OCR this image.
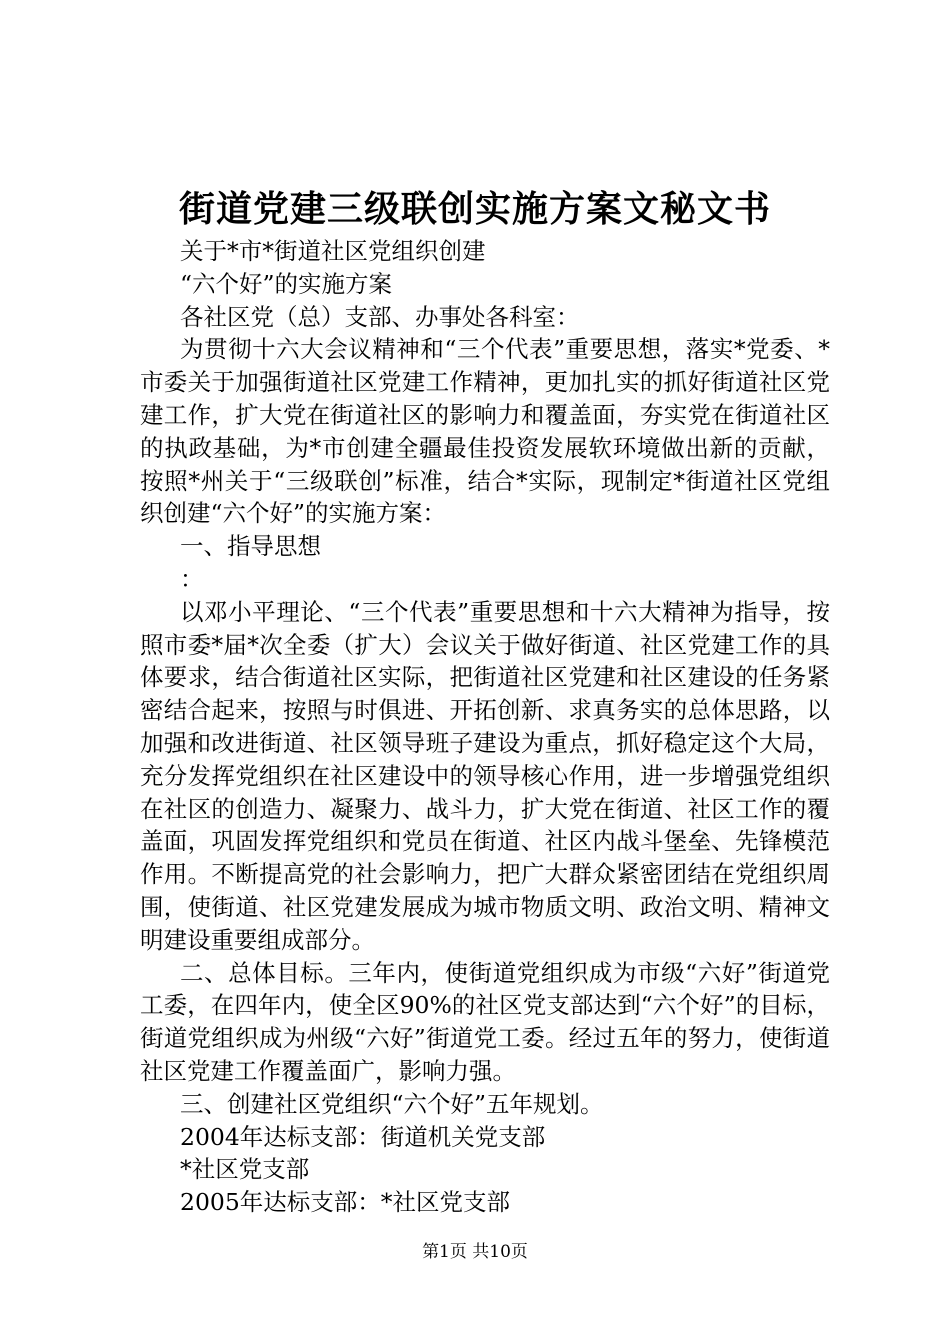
街道党建三级联创实施方案文秘文书

关于*市*街道社区党组织创建

“六个好”的实施方案

各社区党（总）支部、办事处各科室：

为贯彻十六大会议精神和“三个代表”重要思想，落实*党委、*市委关于加强街道社区党建工作精神，更加扎实的抓好街道社区党建工作，扩大党在街道社区的影响力和覆盖面，夯实党在街道社区的执政基础，为*市创建全疆最佳投资发展软环境做出新的贡献，按照*州关于“三级联创”标准，结合*实际，现制定*街道社区党组织创建“六个好”的实施方案：

一、指导思想

：

以邓小平理论、“三个代表”重要思想和十六大精神为指导，按照市委*届*次全委（扩大）会议关于做好街道、社区党建工作的具体要求，结合街道社区实际，把街道社区党建和社区建设的任务紧密结合起来，按照与时俱进、开拓创新、求真务实的总体思路，以加强和改进街道、社区领导班子建设为重点，抓好稳定这个大局，充分发挥党组织在社区建设中的领导核心作用，进一步增强党组织在社区的创造力、凝聚力、战斗力，扩大党在街道、社区工作的覆盖面，巩固发挥党组织和党员在街道、社区内战斗堡垒、先锋模范作用。不断提高党的社会影响力，把广大群众紧密团结在党组织周围，使街道、社区党建发展成为城市物质文明、政治文明、精神文明建设重要组成部分。

二、总体目标。三年内，使街道党组织成为市级“六好”街道党工委，在四年内，使全区90%的社区党支部达到“六个好”的目标，街道党组织成为州级“六好”街道党工委。经过五年的努力，使街道社区党建工作覆盖面广，影响力强。

三、创建社区党组织“六个好”五年规划。

2004年达标支部：街道机关党支部

*社区党支部

2005年达标支部：*社区党支部

第1页 共10页
